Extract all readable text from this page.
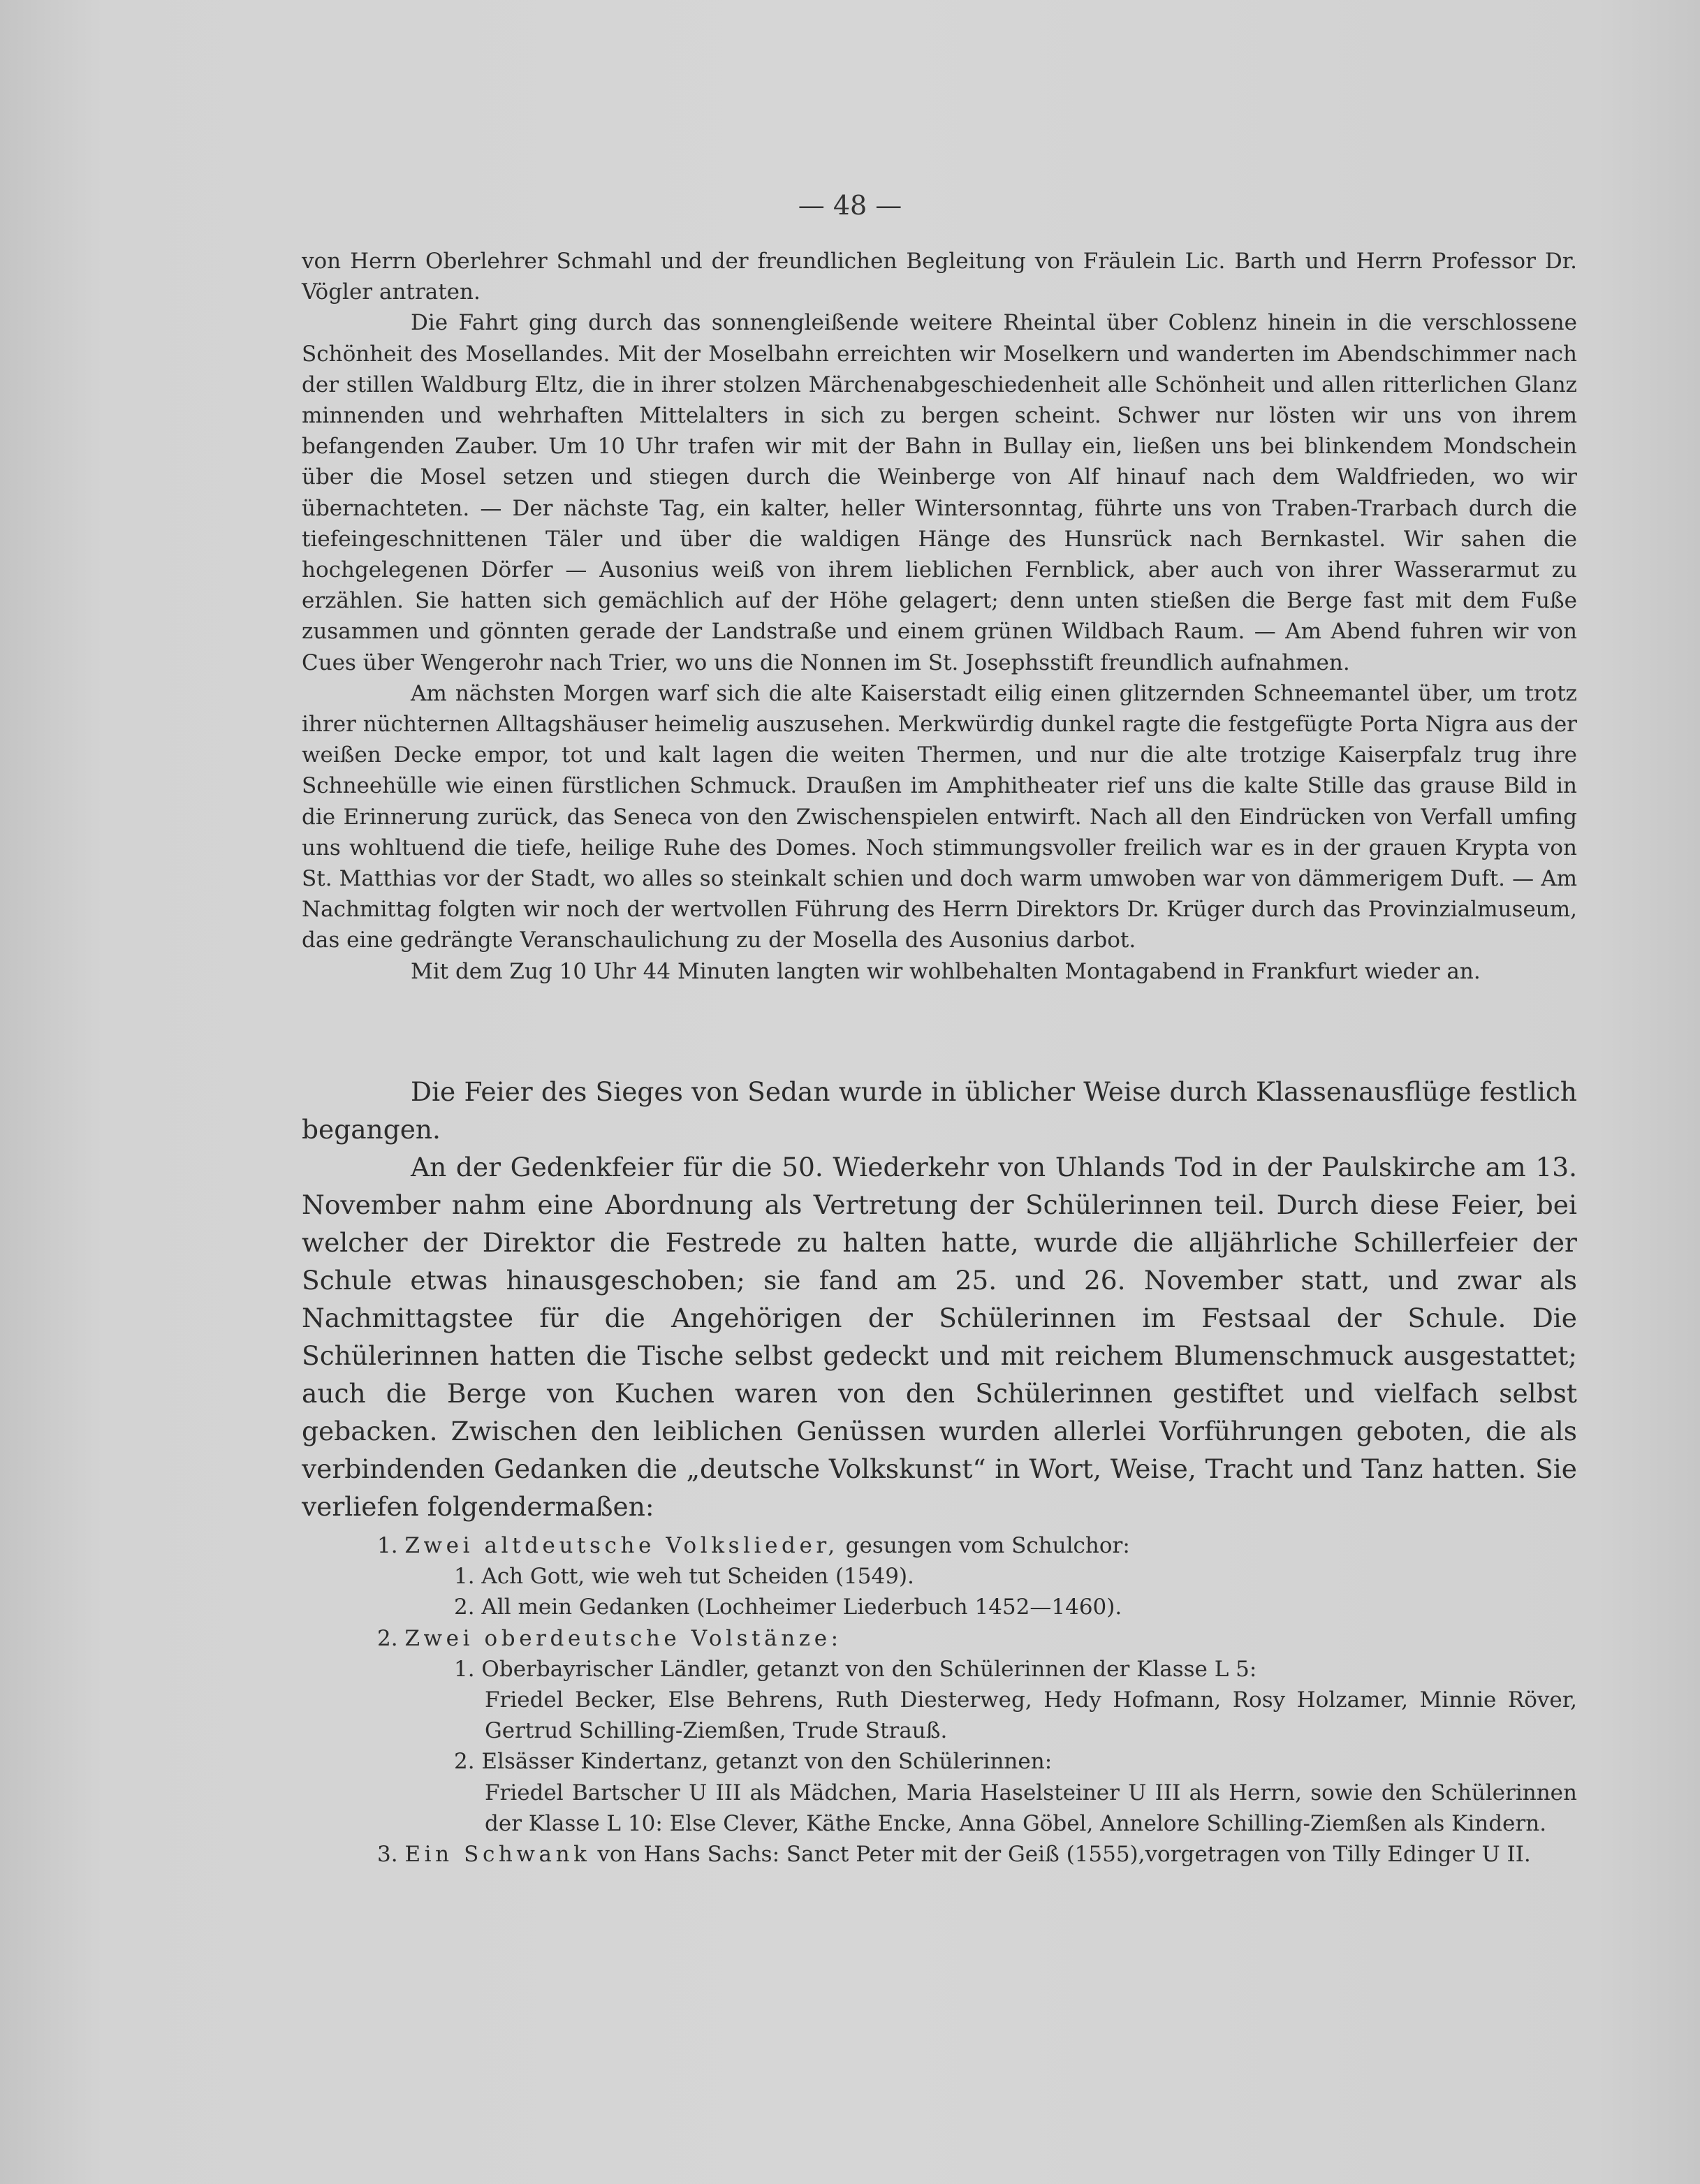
— 48 —

von Herrn Oberlehrer Schmahl und der freundlichen Begleitung von Fräulein Lic. Barth und Herrn Professor Dr. Vögler antraten.

Die Fahrt ging durch das sonnengleißende weitere Rheintal über Coblenz hinein in die verschlossene Schönheit des Mosellandes. Mit der Moselbahn erreichten wir Moselkern und wanderten im Abendschimmer nach der stillen Waldburg Eltz, die in ihrer stolzen Märchenabgeschiedenheit alle Schönheit und allen ritterlichen Glanz minnenden und wehrhaften Mittelalters in sich zu bergen scheint. Schwer nur lösten wir uns von ihrem befangenden Zauber. Um 10 Uhr trafen wir mit der Bahn in Bullay ein, ließen uns bei blinkendem Mondschein über die Mosel setzen und stiegen durch die Weinberge von Alf hinauf nach dem Waldfrieden, wo wir übernachteten. — Der nächste Tag, ein kalter, heller Wintersonntag, führte uns von Traben-Trarbach durch die tiefeingeschnittenen Täler und über die waldigen Hänge des Hunsrück nach Bernkastel. Wir sahen die hochgelegenen Dörfer — Ausonius weiß von ihrem lieblichen Fernblick, aber auch von ihrer Wasserarmut zu erzählen. Sie hatten sich gemächlich auf der Höhe gelagert; denn unten stießen die Berge fast mit dem Fuße zusammen und gönnten gerade der Landstraße und einem grünen Wildbach Raum. — Am Abend fuhren wir von Cues über Wengerohr nach Trier, wo uns die Nonnen im St. Josephsstift freundlich aufnahmen.

Am nächsten Morgen warf sich die alte Kaiserstadt eilig einen glitzernden Schneemantel über, um trotz ihrer nüchternen Alltagshäuser heimelig auszusehen. Merkwürdig dunkel ragte die festgefügte Porta Nigra aus der weißen Decke empor, tot und kalt lagen die weiten Thermen, und nur die alte trotzige Kaiserpfalz trug ihre Schneehülle wie einen fürstlichen Schmuck. Draußen im Amphitheater rief uns die kalte Stille das grause Bild in die Erinnerung zurück, das Seneca von den Zwischenspielen entwirft. Nach all den Eindrücken von Verfall umfing uns wohltuend die tiefe, heilige Ruhe des Domes. Noch stimmungsvoller freilich war es in der grauen Krypta von St. Matthias vor der Stadt, wo alles so steinkalt schien und doch warm umwoben war von dämmerigem Duft. — Am Nachmittag folgten wir noch der wertvollen Führung des Herrn Direktors Dr. Krüger durch das Provinzialmuseum, das eine gedrängte Veranschaulichung zu der Mosella des Ausonius darbot.

Mit dem Zug 10 Uhr 44 Minuten langten wir wohlbehalten Montagabend in Frankfurt wieder an.

Die Feier des Sieges von Sedan wurde in üblicher Weise durch Klassenausflüge festlich begangen.

An der Gedenkfeier für die 50. Wiederkehr von Uhlands Tod in der Paulskirche am 13. November nahm eine Abordnung als Vertretung der Schülerinnen teil. Durch diese Feier, bei welcher der Direktor die Festrede zu halten hatte, wurde die alljährliche Schillerfeier der Schule etwas hinausgeschoben; sie fand am 25. und 26. November statt, und zwar als Nachmittagstee für die Angehörigen der Schülerinnen im Festsaal der Schule. Die Schülerinnen hatten die Tische selbst gedeckt und mit reichem Blumenschmuck ausgestattet; auch die Berge von Kuchen waren von den Schülerinnen gestiftet und vielfach selbst gebacken. Zwischen den leiblichen Genüssen wurden allerlei Vorführungen geboten, die als verbindenden Gedanken die „deutsche Volkskunst“ in Wort, Weise, Tracht und Tanz hatten. Sie verliefen folgendermaßen:

1. Zwei altdeutsche Volkslieder, gesungen vom Schulchor:

1. Ach Gott, wie weh tut Scheiden (1549).

2. All mein Gedanken (Lochheimer Liederbuch 1452—1460).

2. Zwei oberdeutsche Volstänze:

1. Oberbayrischer Ländler, getanzt von den Schülerinnen der Klasse L 5:

Friedel Becker, Else Behrens, Ruth Diesterweg, Hedy Hofmann, Rosy Holzamer, Minnie Röver, Gertrud Schilling-Ziemßen, Trude Strauß.

2. Elsässer Kindertanz, getanzt von den Schülerinnen:

Friedel Bartscher U III als Mädchen, Maria Haselsteiner U III als Herrn, sowie den Schülerinnen der Klasse L 10: Else Clever, Käthe Encke, Anna Göbel, Annelore Schilling-Ziemßen als Kindern.

3. Ein Schwank von Hans Sachs: Sanct Peter mit der Geiß (1555),vorgetragen von Tilly Edinger U II.
